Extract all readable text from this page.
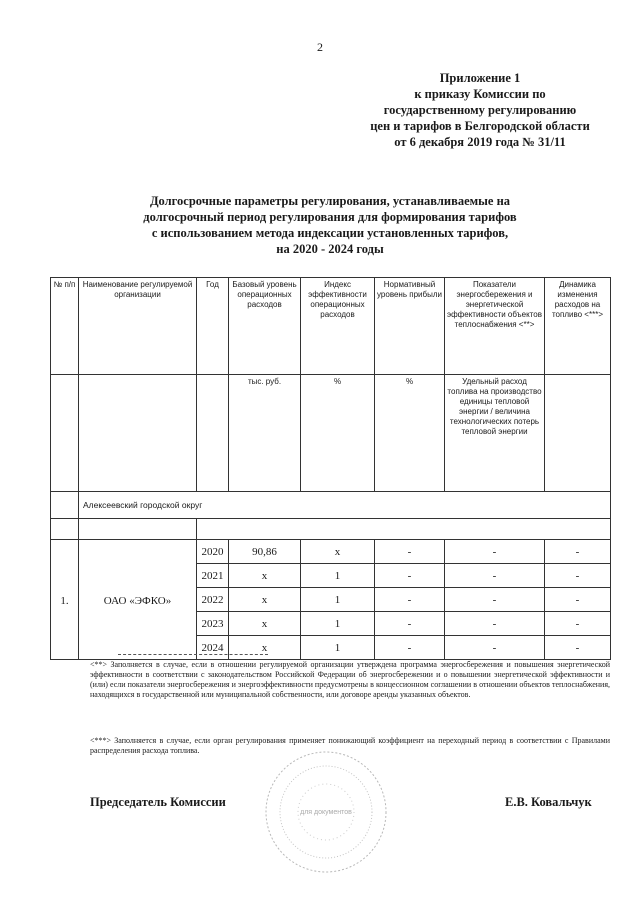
2
Приложение 1
к приказу Комиссии по
государственному регулированию
цен и тарифов в Белгородской области
от 6 декабря 2019 года № 31/11
Долгосрочные параметры регулирования, устанавливаемые на
долгосрочный период регулирования для формирования тарифов
с использованием метода индексации установленных тарифов,
на 2020 - 2024 годы
№ п/п	Наименование регулируемой организации	Год	Базовый уровень операционных расходов	Индекс эффективности операционных расходов	Нормативный уровень прибыли	Показатели энергосбережения и энергетической эффективности объектов теплоснабжения <**>	Динамика изменения расходов на топливо <***>
			тыс. руб.	%	%	Удельный расход топлива на производство единицы тепловой энергии / величина технологических потерь тепловой энергии	
	Алексеевский городской округ						

1.	ОАО «ЭФКО»	2020	90,86	x	-	-	-
		2021	x	1	-	-	-
		2022	x	1	-	-	-
		2023	x	1	-	-	-
		2024	x	1	-	-	-
<**> Заполняется в случае, если в отношении регулируемой организации утверждена программа энергосбережения и повышения энергетической эффективности в соответствии с законодательством Российской Федерации об энергосбережении и о повышении энергетической эффективности и (или) если показатели энергосбережения и энергоэффективности предусмотрены в концессионном соглашении в отношении объектов теплоснабжения, находящихся в государственной или муниципальной собственности, или договоре аренды указанных объектов.
<***> Заполняется в случае, если орган регулирования применяет понижающий коэффициент на переходный период в соответствии с Правилами распределения расхода топлива.
для документов
Председатель Комиссии	Е.В. Ковальчук
